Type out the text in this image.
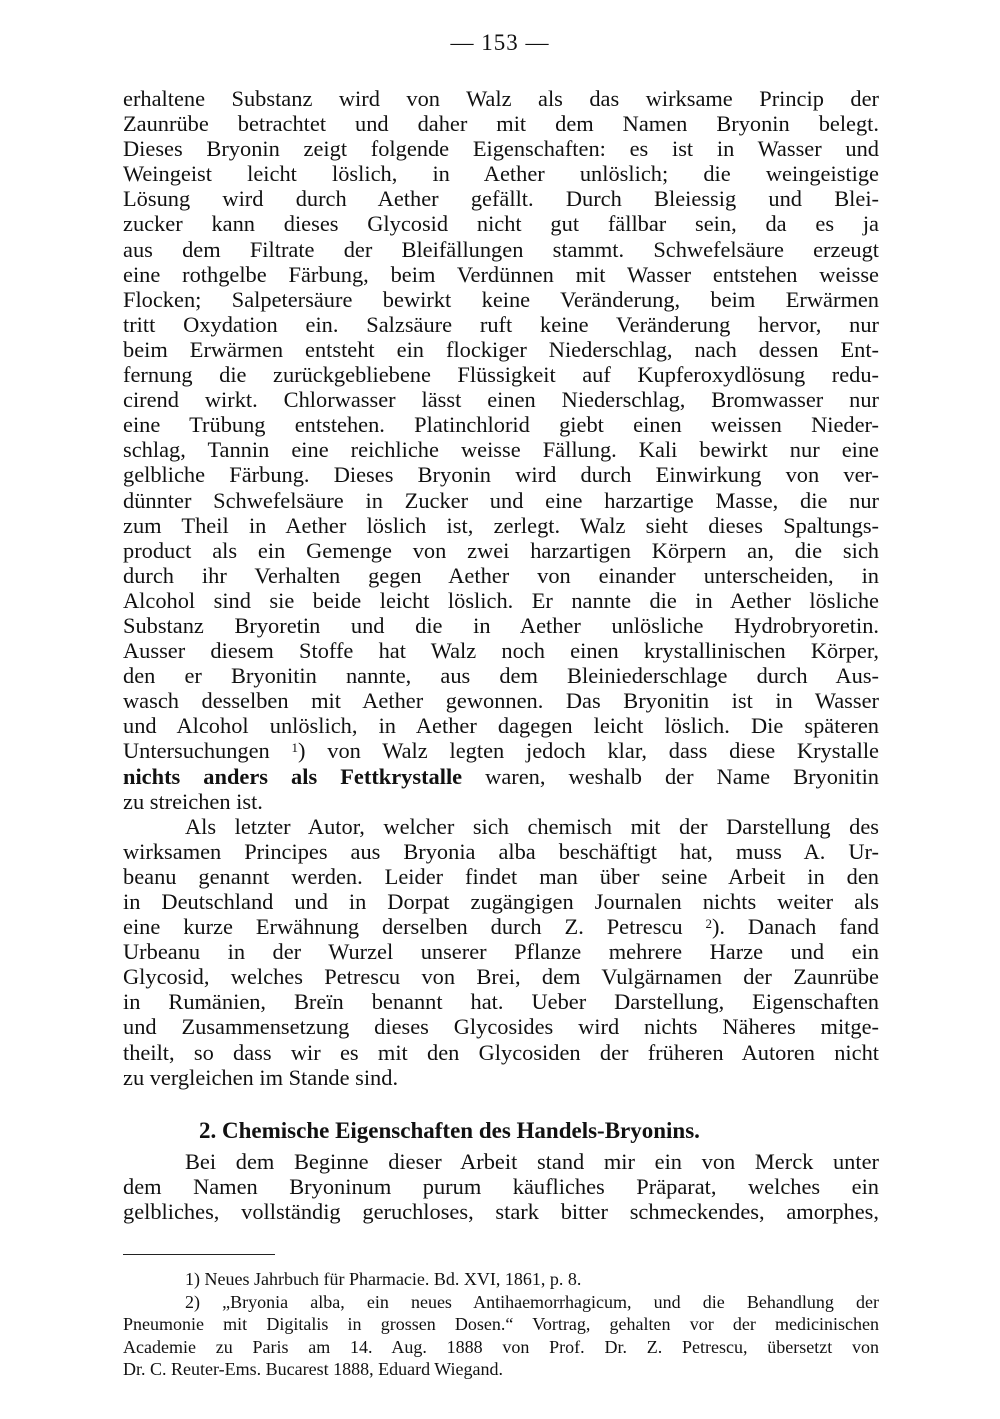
— 153 —
erhaltene Substanz wird von Walz als das wirksame Princip der
Zaunrübe betrachtet und daher mit dem Namen Bryonin belegt.
Dieses Bryonin zeigt folgende Eigenschaften: es ist in Wasser und
Weingeist leicht löslich, in Aether unlöslich; die weingeistige
Lösung wird durch Aether gefällt. Durch Bleiessig und Blei-
zucker kann dieses Glycosid nicht gut fällbar sein, da es ja
aus dem Filtrate der Bleifällungen stammt. Schwefelsäure erzeugt
eine rothgelbe Färbung, beim Verdünnen mit Wasser entstehen weisse
Flocken; Salpetersäure bewirkt keine Veränderung, beim Erwärmen
tritt Oxydation ein. Salzsäure ruft keine Veränderung hervor, nur
beim Erwärmen entsteht ein flockiger Niederschlag, nach dessen Ent-
fernung die zurückgebliebene Flüssigkeit auf Kupferoxydlösung redu-
cirend wirkt. Chlorwasser lässt einen Niederschlag, Bromwasser nur
eine Trübung entstehen. Platinchlorid giebt einen weissen Nieder-
schlag, Tannin eine reichliche weisse Fällung. Kali bewirkt nur eine
gelbliche Färbung. Dieses Bryonin wird durch Einwirkung von ver-
dünnter Schwefelsäure in Zucker und eine harzartige Masse, die nur
zum Theil in Aether löslich ist, zerlegt. Walz sieht dieses Spaltungs-
product als ein Gemenge von zwei harzartigen Körpern an, die sich
durch ihr Verhalten gegen Aether von einander unterscheiden, in
Alcohol sind sie beide leicht löslich. Er nannte die in Aether lösliche
Substanz Bryoretin und die in Aether unlösliche Hydrobryoretin.
Ausser diesem Stoffe hat Walz noch einen krystallinischen Körper,
den er Bryonitin nannte, aus dem Bleiniederschlage durch Aus-
wasch desselben mit Aether gewonnen. Das Bryonitin ist in Wasser
und Alcohol unlöslich, in Aether dagegen leicht löslich. Die späteren
Untersuchungen $^1$) von Walz legten jedoch klar, dass diese Krystalle
nichts anders als Fettkrystalle waren, weshalb der Name Bryonitin
zu streichen ist.
Als letzter Autor, welcher sich chemisch mit der Darstellung des
wirksamen Principes aus Bryonia alba beschäftigt hat, muss A. Ur-
beanu genannt werden. Leider findet man über seine Arbeit in den
in Deutschland und in Dorpat zugängigen Journalen nichts weiter als
eine kurze Erwähnung derselben durch Z. Petrescu $^2$). Danach fand
Urbeanu in der Wurzel unserer Pflanze mehrere Harze und ein
Glycosid, welches Petrescu von Brei, dem Vulgärnamen der Zaunrübe
in Rumänien, Breïn benannt hat. Ueber Darstellung, Eigenschaften
und Zusammensetzung dieses Glycosides wird nichts Näheres mitge-
theilt, so dass wir es mit den Glycosiden der früheren Autoren nicht
zu vergleichen im Stande sind.
2. Chemische Eigenschaften des Handels-Bryonins.
Bei dem Beginne dieser Arbeit stand mir ein von Merck unter
dem Namen Bryoninum purum käufliches Präparat, welches ein
gelbliches, vollständig geruchloses, stark bitter schmeckendes, amorphes,
1) Neues Jahrbuch für Pharmacie. Bd. XVI, 1861, p. 8.
2) „Bryonia alba, ein neues Antihaemorrhagicum, und die Behandlung der
Pneumonie mit Digitalis in grossen Dosen.“ Vortrag, gehalten vor der medicinischen
Academie zu Paris am 14. Aug. 1888 von Prof. Dr. Z. Petrescu, übersetzt von
Dr. C. Reuter-Ems. Bucarest 1888, Eduard Wiegand.
